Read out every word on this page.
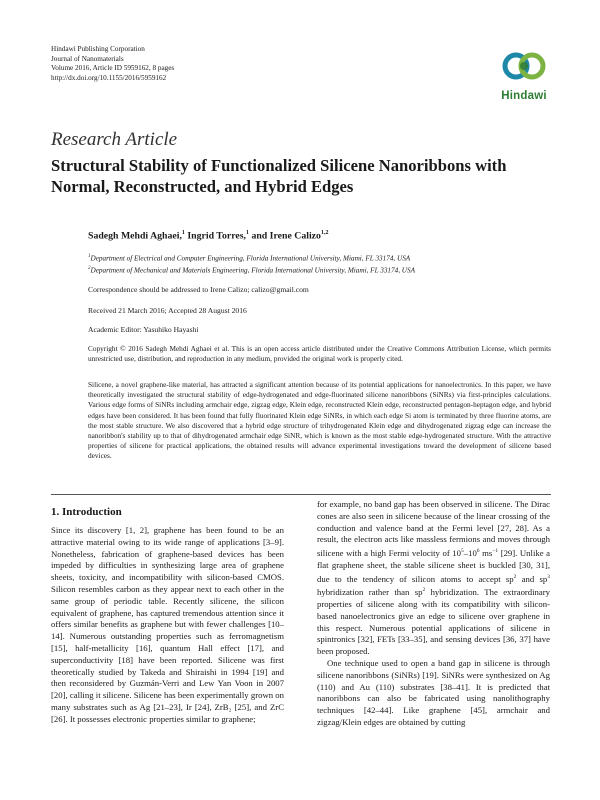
Hindawi Publishing Corporation
Journal of Nanomaterials
Volume 2016, Article ID 5959162, 8 pages
http://dx.doi.org/10.1155/2016/5959162
Hindawi
Research Article
Structural Stability of Functionalized Silicene Nanoribbons with
Normal, Reconstructed, and Hybrid Edges
Sadegh Mehdi Aghaei,$^1$ Ingrid Torres,$^1$ and Irene Calizo$^{1,2}$
$^1$Department of Electrical and Computer Engineering, Florida International University, Miami, FL 33174, USA
$^2$Department of Mechanical and Materials Engineering, Florida International University, Miami, FL 33174, USA
Correspondence should be addressed to Irene Calizo; calizo@gmail.com
Received 21 March 2016; Accepted 28 August 2016
Academic Editor: Yasuhiko Hayashi
Copyright © 2016 Sadegh Mehdi Aghaei et al. This is an open access article distributed under the Creative Commons Attribution License, which permits unrestricted use, distribution, and reproduction in any medium, provided the original work is properly cited.
Silicene, a novel graphene-like material, has attracted a significant attention because of its potential applications for nanoelectronics. In this paper, we have theoretically investigated the structural stability of edge-hydrogenated and edge-fluorinated silicene nanoribbons (SiNRs) via first-principles calculations. Various edge forms of SiNRs including armchair edge, zigzag edge, Klein edge, reconstructed Klein edge, reconstructed pentagon-heptagon edge, and hybrid edges have been considered. It has been found that fully fluorinated Klein edge SiNRs, in which each edge Si atom is terminated by three fluorine atoms, are the most stable structure. We also discovered that a hybrid edge structure of trihydrogenated Klein edge and dihydrogenated zigzag edge can increase the nanoribbon's stability up to that of dihydrogenated armchair edge SiNR, which is known as the most stable edge-hydrogenated structure. With the attractive properties of silicene for practical applications, the obtained results will advance experimental investigations toward the development of silicene based devices.
1. Introduction

Since its discovery [1, 2], graphene has been found to be an attractive material owing to its wide range of applications [3–9]. Nonetheless, fabrication of graphene-based devices has been impeded by difficulties in synthesizing large area of graphene sheets, toxicity, and incompatibility with silicon-based CMOS. Silicon resembles carbon as they appear next to each other in the same group of periodic table. Recently silicene, the silicon equivalent of graphene, has captured tremendous attention since it offers similar benefits as graphene but with fewer challenges [10–14]. Numerous outstanding properties such as ferromagnetism [15], half-metallicity [16], quantum Hall effect [17], and superconductivity [18] have been reported. Silicene was first theoretically studied by Takeda and Shiraishi in 1994 [19] and then reconsidered by Guzmán-Verri and Lew Yan Voon in 2007 [20], calling it silicene. Silicene has been experimentally grown on many substrates such as Ag [21–23], Ir [24], ZrB₂ [25], and ZrC [26]. It possesses electronic properties similar to graphene;

for example, no band gap has been observed in silicene. The Dirac cones are also seen in silicene because of the linear crossing of the conduction and valence band at the Fermi level [27, 28]. As a result, the electron acts like massless fermions and moves through silicene with a high Fermi velocity of $10^5-10^6$ $ms^{-1}$ [29]. Unlike a flat graphene sheet, the stable silicene sheet is buckled [30, 31], due to the tendency of silicon atoms to accept $sp^2$ and $sp^3$ hybridization rather than $sp^2$ hybridization. The extraordinary properties of silicene along with its compatibility with silicon-based nanoelectronics give an edge to silicene over graphene in this respect. Numerous potential applications of silicene in spintronics [32], FETs [33–35], and sensing devices [36, 37] have been proposed.

One technique used to open a band gap in silicene is through silicene nanoribbons (SiNRs) [19]. SiNRs were synthesized on Ag (110) and Au (110) substrates [38–41]. It is predicted that nanoribbons can also be fabricated using nanolithography techniques [42–44]. Like graphene [45], armchair and zigzag/Klein edges are obtained by cutting
